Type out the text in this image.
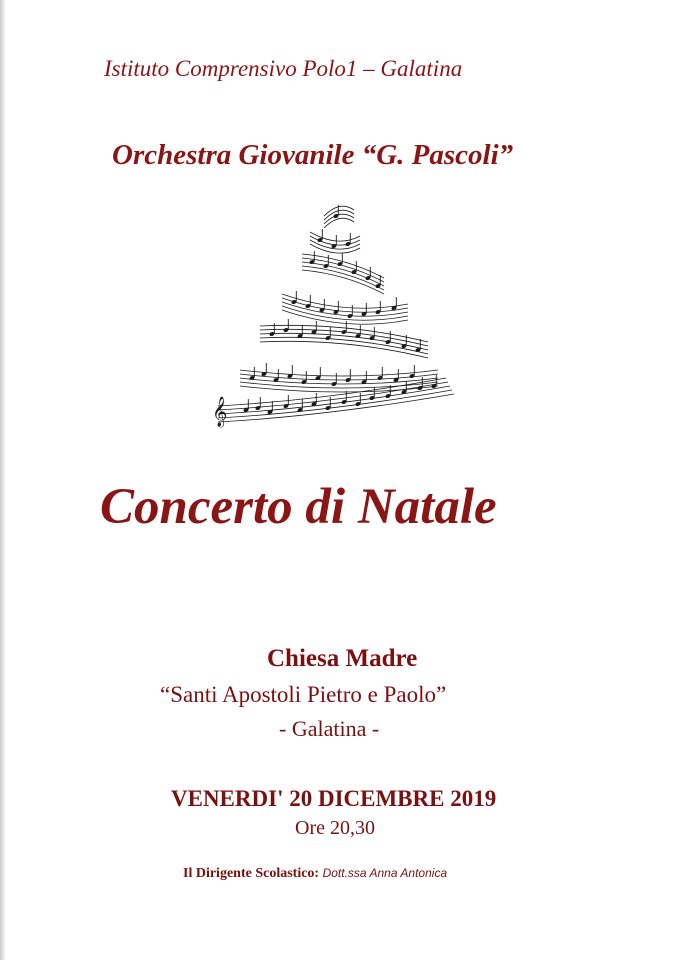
Istituto Comprensivo Polo1 – Galatina

Orchestra Giovanile “G. Pascoli”

𝄞

Concerto di Natale

Chiesa Madre

“Santi Apostoli Pietro e Paolo”

- Galatina -

VENERDI' 20 DICEMBRE 2019

Ore 20,30

Il Dirigente Scolastico: Dott.ssa Anna Antonica
